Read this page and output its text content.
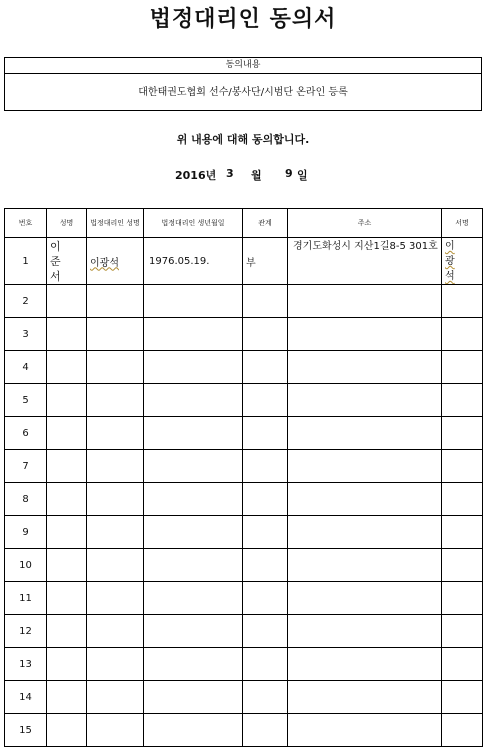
법정대리인 동의서
동의내용
대한태권도협회 선수/봉사단/시범단 온라인 등록
위 내용에 대해 동의합니다.
2016년 3 월 9 일
번호	성명	법정대리인 성명	법정대리인 생년월일	관계	주소	서명
1	이 준 서	이광석	1976.05.19.	부	경기도화성시 지산1길8-5 301호	이 광 석

2						
3						
4						
5						
6						
7						
8						
9						
10						
11						
12						
13						
14						
15						
